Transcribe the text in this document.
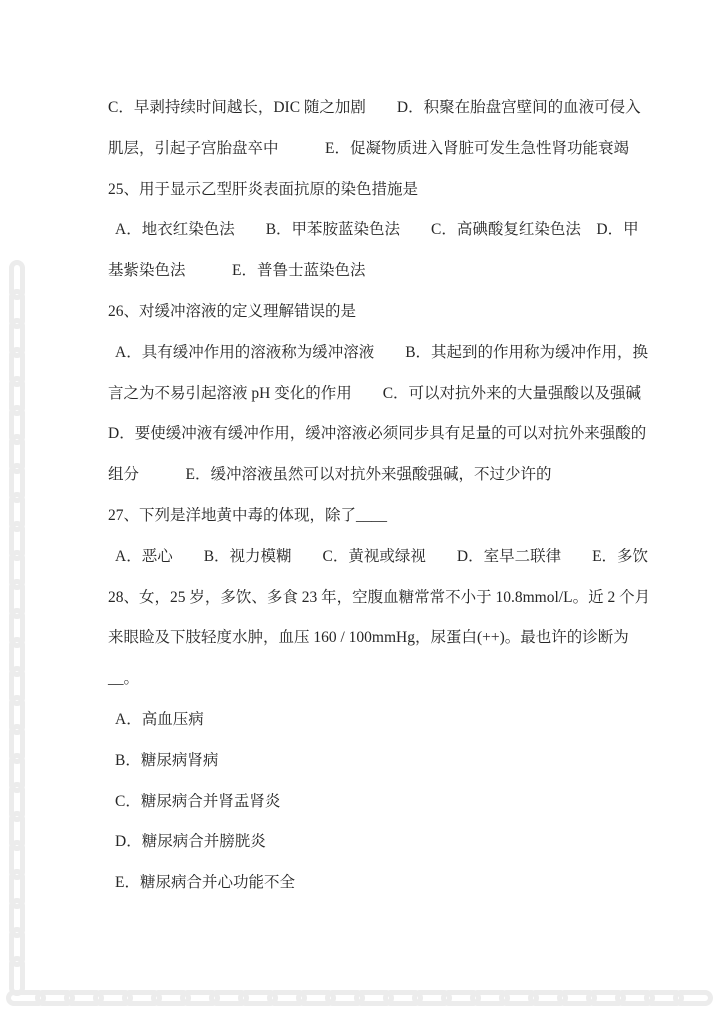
C．早剥持续时间越长，DIC 随之加剧　　D．积聚在胎盘宫壁间的血液可侵入
肌层，引起子宫胎盘卒中　　　E．促凝物质进入肾脏可发生急性肾功能衰竭
25、用于显示乙型肝炎表面抗原的染色措施是
A．地衣红染色法　　B．甲苯胺蓝染色法　　C．高碘酸复红染色法　D．甲
基紫染色法　　　E．普鲁士蓝染色法
26、对缓冲溶液的定义理解错误的是
A．具有缓冲作用的溶液称为缓冲溶液　　B．其起到的作用称为缓冲作用，换
言之为不易引起溶液 pH 变化的作用　　C．可以对抗外来的大量强酸以及强碱
D．要使缓冲液有缓冲作用，缓冲溶液必须同步具有足量的可以对抗外来强酸的
组分　　　E．缓冲溶液虽然可以对抗外来强酸强碱，不过少许的
27、下列是洋地黄中毒的体现，除了____
A．恶心　　B．视力模糊　　C．黄视或绿视　　D．室早二联律　　E．多饮
28、女，25 岁，多饮、多食 23 年，空腹血糖常常不小于 10.8mmol/L。近 2 个月
来眼睑及下肢轻度水肿，血压 160 / 100mmHg，尿蛋白(++)。最也许的诊断为
__。
A．高血压病
B．糖尿病肾病
C．糖尿病合并肾盂肾炎
D．糖尿病合并膀胱炎
E．糖尿病合并心功能不全
